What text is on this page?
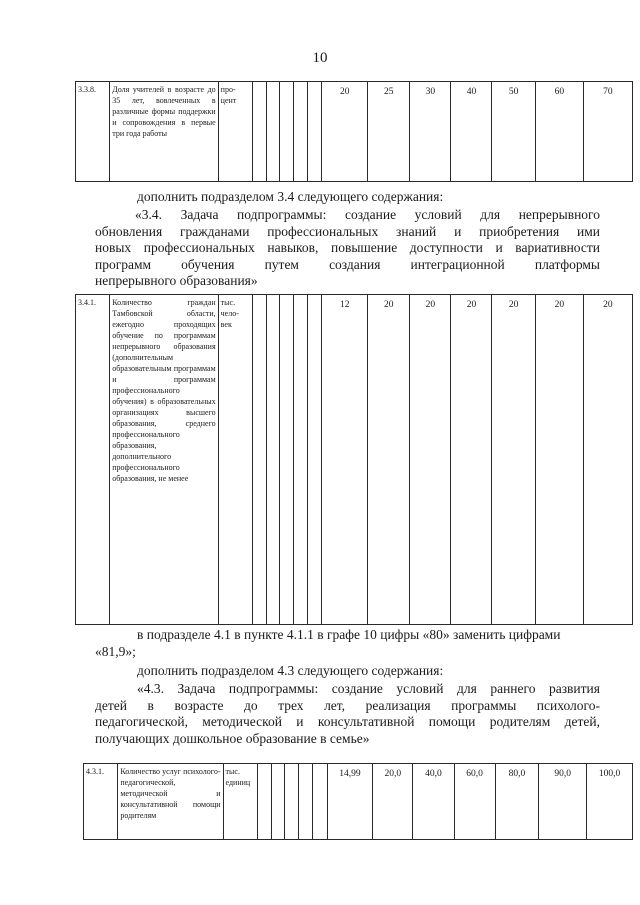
10
3.3.8.	Доля учителей в возрасте до 35 лет, вовлеченных в различные формы поддержки и сопровождения в первые три года работы	про-цент						20	25	30	40	50	60	70
дополнить подразделом 3.4 следующего содержания:
«3.4. Задача подпрограммы: создание условий для непрерывного
обновления гражданами профессиональных знаний и приобретения ими
новых профессиональных навыков, повышение доступности и вариативности
программ обучения путем создания интеграционной платформы
непрерывного образования»
3.4.1.	Количество граждан Тамбовской области, ежегодно проходящих обучение по программам непрерывного образования (дополнительным образовательным программам и программам профессионального обучения) в образовательных организациях высшего образования, среднего профессионального образования, дополнительного профессионального образования, не менее	тыс. чело-век						12	20	20	20	20	20	20
в подразделе 4.1 в пункте 4.1.1 в графе 10 цифры «80» заменить цифрами
«81,9»;
дополнить подразделом 4.3 следующего содержания:
«4.3. Задача подпрограммы: создание условий для раннего развития
детей в возрасте до трех лет, реализация программы психолого-
педагогической, методической и консультативной помощи родителям детей,
получающих дошкольное образование в семье»
4.3.1.	Количество услуг психолого-педагогической, методической и консультативной помощи родителям	тыс. единиц						14,99	20,0	40,0	60,0	80,0	90,0	100,0
